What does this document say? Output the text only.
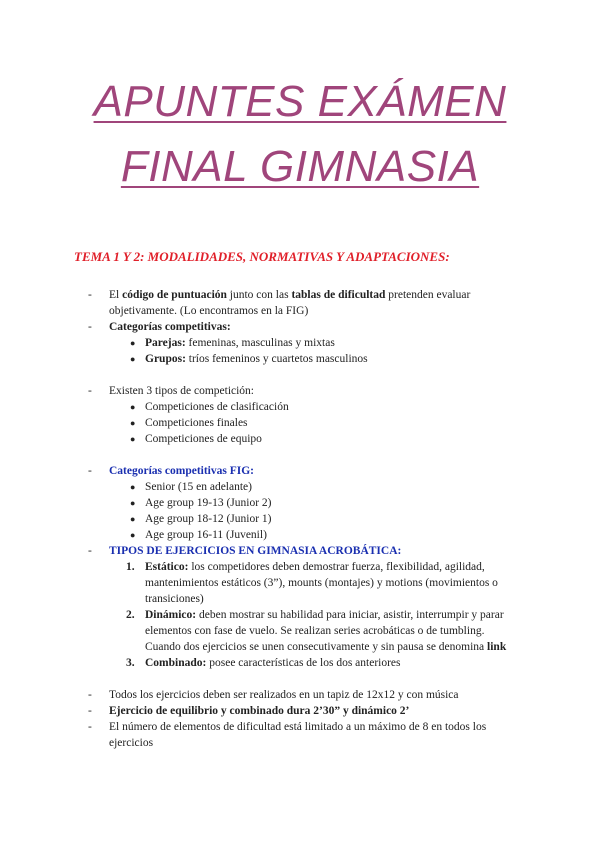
APUNTES EXÁMEN
FINAL GIMNASIA
TEMA 1 Y 2: MODALIDADES, NORMATIVAS Y ADAPTACIONES:
-	El código de puntuación junto con las tablas de dificultad pretenden evaluar
objetivamente. (Lo encontramos en la FIG)
-	Categorías competitivas:
● Parejas: femeninas, masculinas y mixtas
● Grupos: tríos femeninos y cuartetos masculinos
-	Existen 3 tipos de competición:
● Competiciones de clasificación
● Competiciones finales
● Competiciones de equipo
-	Categorías competitivas FIG:
● Senior (15 en adelante)
● Age group 19-13 (Junior 2)
● Age group 18-12 (Junior 1)
● Age group 16-11 (Juvenil)
-	TIPOS DE EJERCICIOS EN GIMNASIA ACROBÁTICA:
1. Estático: los competidores deben demostrar fuerza, flexibilidad, agilidad,
mantenimientos estáticos (3”), mounts (montajes) y motions (movimientos o
transiciones)
2. Dinámico: deben mostrar su habilidad para iniciar, asistir, interrumpir y parar
elementos con fase de vuelo. Se realizan series acrobáticas o de tumbling.
Cuando dos ejercicios se unen consecutivamente y sin pausa se denomina link
3. Combinado: posee características de los dos anteriores
-	Todos los ejercicios deben ser realizados en un tapiz de 12x12 y con música
-	Ejercicio de equilibrio y combinado dura 2’30” y dinámico 2’
-	El número de elementos de dificultad está limitado a un máximo de 8 en todos los
ejercicios
